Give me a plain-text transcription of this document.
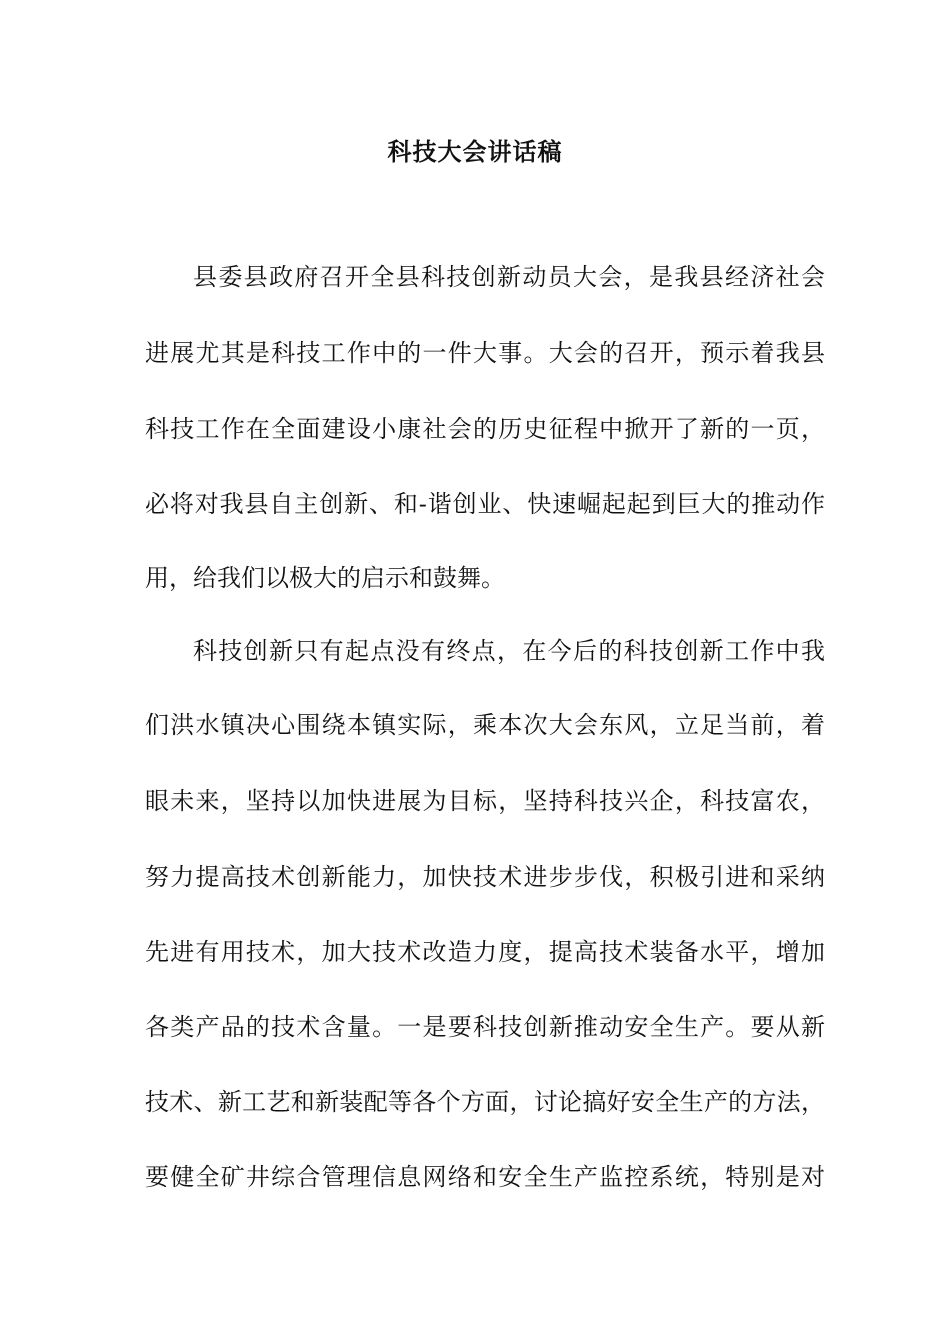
科技大会讲话稿
县委县政府召开全县科技创新动员大会，是我县经济社会
进展尤其是科技工作中的一件大事。大会的召开，预示着我县
科技工作在全面建设小康社会的历史征程中掀开了新的一页，
必将对我县自主创新、和-谐创业、快速崛起起到巨大的推动作
用，给我们以极大的启示和鼓舞。
科技创新只有起点没有终点，在今后的科技创新工作中我
们洪水镇决心围绕本镇实际，乘本次大会东风，立足当前，着
眼未来，坚持以加快进展为目标，坚持科技兴企，科技富农，
努力提高技术创新能力，加快技术进步步伐，积极引进和采纳
先进有用技术，加大技术改造力度，提高技术装备水平，增加
各类产品的技术含量。一是要科技创新推动安全生产。要从新
技术、新工艺和新装配等各个方面，讨论搞好安全生产的方法，
要健全矿井综合管理信息网络和安全生产监控系统，特别是对
